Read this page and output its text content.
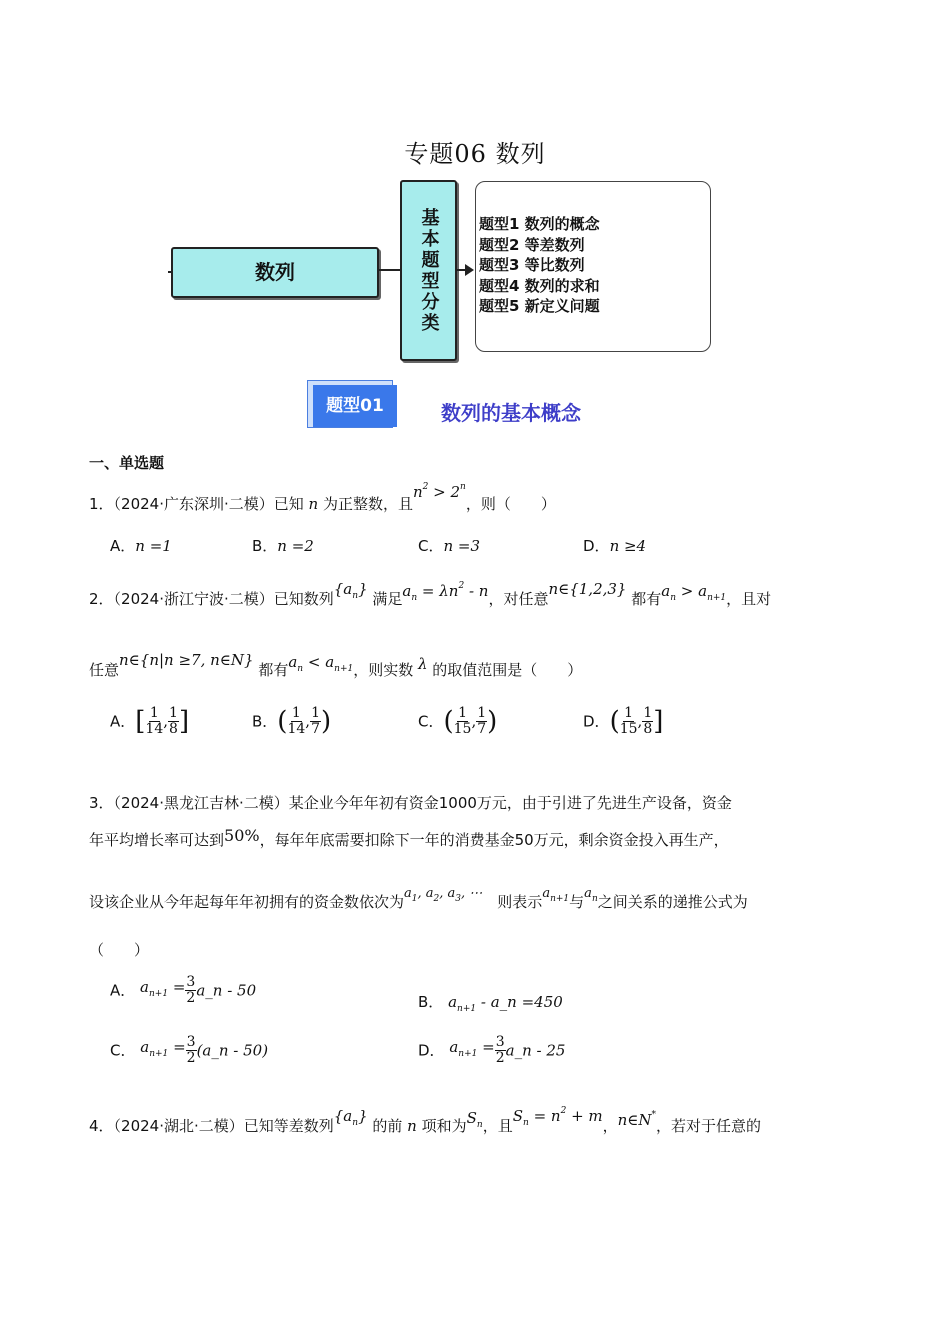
专题06 数列
数列	基本题型分类	题型1 数列的概念
题型2 等差数列
题型3 等比数列
题型4 数列的求和
题型5 新定义问题
题型01	数列的基本概念
一、单选题
1．（2024·广东深圳·二模）已知 n 为正整数，且$n^2 > 2^n$，则（　　）
A．n =1	B．n =2	C．n =3	D．n ≥4
2．（2024·浙江宁波·二模）已知数列$\{a_n\}$ 满足$a_n = \lambda n^2 - n$，对任意n∈{1,2,3} 都有$a_n > a_{n+1}$，且对
任意n∈{n|n ≥7, n∈N} 都有$a_n < a_{n+1}$，则实数 λ 的取值范围是（　　）
A．[ $\frac{1}{14}$ , $\frac{1}{8}$ ]	B．( $\frac{1}{14}$ , $\frac{1}{7}$ )	C．( $\frac{1}{15}$ , $\frac{1}{7}$ )	D．( $\frac{1}{15}$ , $\frac{1}{8}$ ]
3．（2024·黑龙江吉林·二模）某企业今年年初有资金1000万元，由于引进了先进生产设备，资金
年平均增长率可达到50%，每年年底需要扣除下一年的消费基金50万元，剩余资金投入再生产，
设该企业从今年起每年年初拥有的资金数依次为$a_1$, $a_2$, $a_3$, ⋯　 则表示$a_{n+1}$与$a_n$之间关系的递推公式为
（　　）
A． $a_{n+1} = \frac{3}{2}$ a_n - 50
B． $a_{n+1}$ - a_n =450
C． $a_{n+1} = \frac{3}{2}$ (a_n - 50)	D． $a_{n+1} = \frac{3}{2}$ a_n - 25
4．（2024·湖北·二模）已知等差数列$\{a_n\}$ 的前 n 项和为$S_n$，且$S_n = n^2 + m$，n∈N*，若对于任意的
